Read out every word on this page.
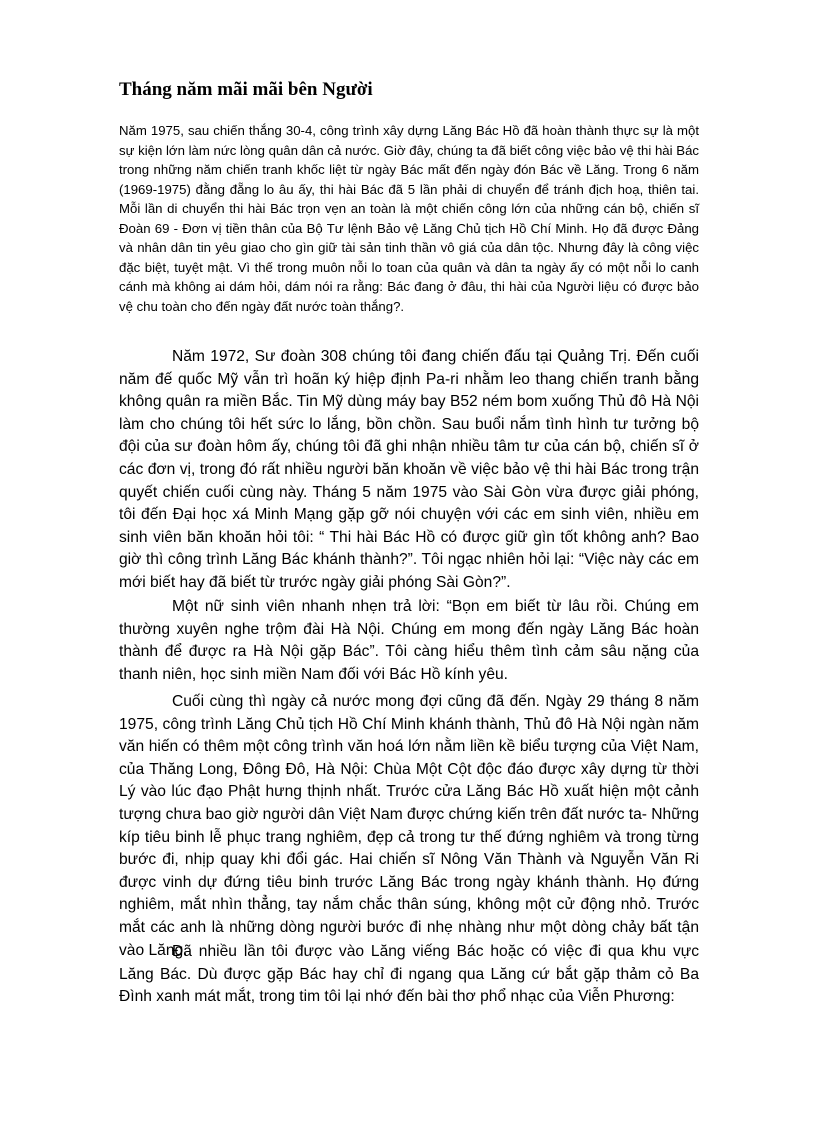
Tháng năm mãi mãi bên Người

Năm 1975, sau chiến thắng 30-4, công trình xây dựng Lăng Bác Hồ đã hoàn thành thực sự là một sự kiện lớn làm nức lòng quân dân cả nước. Giờ đây, chúng ta đã biết công việc bảo vệ thi hài Bác trong những năm chiến tranh khốc liệt từ ngày Bác mất đến ngày đón Bác về Lăng. Trong 6 năm (1969-1975) đằng đẵng lo âu ấy, thi hài Bác đã 5 lần phải di chuyển để tránh địch hoạ, thiên tai. Mỗi lần di chuyển thi hài Bác trọn vẹn an toàn là một chiến công lớn của những cán bộ, chiến sĩ Đoàn 69 - Đơn vị tiền thân của Bộ Tư lệnh Bảo vệ Lăng Chủ tịch Hồ Chí Minh. Họ đã được Đảng và nhân dân tin yêu giao cho gìn giữ tài sản tinh thần vô giá của dân tộc. Nhưng đây là công việc đặc biệt, tuyệt mật. Vì thế trong muôn nỗi lo toan của quân và dân ta ngày ấy có một nỗi lo canh cánh mà không ai dám hỏi, dám nói ra rằng: Bác đang ở đâu, thi hài của Người liệu có được bảo vệ chu toàn cho đến ngày đất nước toàn thắng?.

Năm 1972, Sư đoàn 308 chúng tôi đang chiến đấu tại Quảng Trị. Đến cuối năm đế quốc Mỹ vẫn trì hoãn ký hiệp định Pa-ri nhằm leo thang chiến tranh bằng không quân ra miền Bắc. Tin Mỹ dùng máy bay B52 ném bom xuống Thủ đô Hà Nội làm cho chúng tôi hết sức lo lắng, bồn chồn. Sau buổi nắm tình hình tư tưởng bộ đội của sư đoàn hôm ấy, chúng tôi đã ghi nhận nhiều tâm tư của cán bộ, chiến sĩ ở các đơn vị, trong đó rất nhiều người băn khoăn về việc bảo vệ thi hài Bác trong trận quyết chiến cuối cùng này. Tháng 5 năm 1975 vào Sài Gòn vừa được giải phóng, tôi đến Đại học xá Minh Mạng gặp gỡ nói chuyện với các em sinh viên, nhiều em sinh viên băn khoăn hỏi tôi: “ Thi hài Bác Hồ có được giữ gìn tốt không anh? Bao giờ thì công trình Lăng Bác khánh thành?”. Tôi ngạc nhiên hỏi lại: “Việc này các em mới biết hay đã biết từ trước ngày giải phóng Sài Gòn?”.

Một nữ sinh viên nhanh nhẹn trả lời: “Bọn em biết từ lâu rồi. Chúng em thường xuyên nghe trộm đài Hà Nội. Chúng em mong đến ngày Lăng Bác hoàn thành để được ra Hà Nội gặp Bác”. Tôi càng hiểu thêm tình cảm sâu nặng của thanh niên, học sinh miền Nam đối với Bác Hồ kính yêu.

Cuối cùng thì ngày cả nước mong đợi cũng đã đến. Ngày 29 tháng 8 năm 1975, công trình Lăng Chủ tịch Hồ Chí Minh khánh thành, Thủ đô Hà Nội ngàn năm văn hiến có thêm một công trình văn hoá lớn nằm liền kề biểu tượng của Việt Nam, của Thăng Long, Đông Đô, Hà Nội: Chùa Một Cột độc đáo được xây dựng từ thời Lý vào lúc đạo Phật hưng thịnh nhất. Trước cửa Lăng Bác Hồ xuất hiện một cảnh tượng chưa bao giờ người dân Việt Nam được chứng kiến trên đất nước ta- Những kíp tiêu binh lễ phục trang nghiêm, đẹp cả trong tư thế đứng nghiêm và trong từng bước đi, nhịp quay khi đổi gác. Hai chiến sĩ Nông Văn Thành và Nguyễn Văn Ri được vinh dự đứng tiêu binh trước Lăng Bác trong ngày khánh thành. Họ đứng nghiêm, mắt nhìn thẳng, tay nắm chắc thân súng, không một cử động nhỏ. Trước mắt các anh là những dòng người bước đi nhẹ nhàng như một dòng chảy bất tận vào Lăng.

Đã nhiều lần tôi được vào Lăng viếng Bác hoặc có việc đi qua khu vực Lăng Bác. Dù được gặp Bác hay chỉ đi ngang qua Lăng cứ bắt gặp thảm cỏ Ba Đình xanh mát mắt, trong tim tôi lại nhớ đến bài thơ phổ nhạc của Viễn Phương:
